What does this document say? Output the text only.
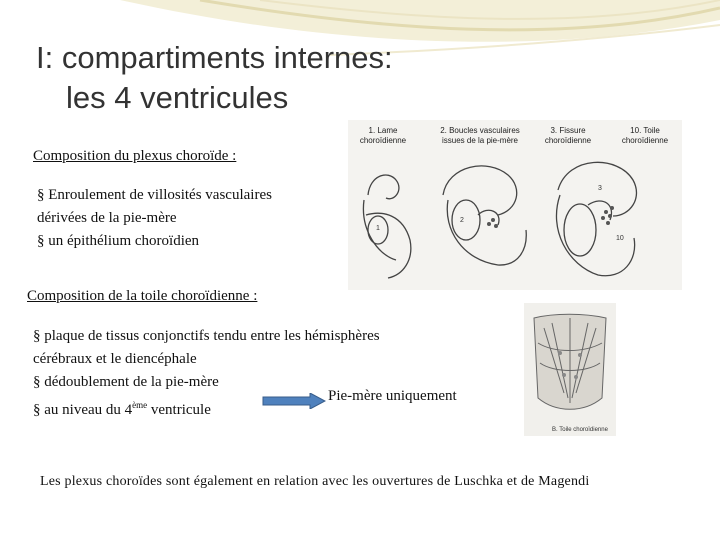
I: compartiments internes:
les 4 ventricules
Composition du plexus choroïde :

§ Enroulement de villosités vasculaires

dérivées de la pie-mère

§ un épithélium choroïdien

1
2
3
10
1. Lame
choroïdienne
2. Boucles vasculaires
issues de la pie-mère
3. Fissure
choroïdienne
10. Toile
choroïdienne
Composition de la toile choroïdienne :

§ plaque de tissus conjonctifs tendu entre les hémisphères

cérébraux et le diencéphale

§ dédoublement de la pie-mère

§ au niveau du 4ème ventricule

Pie-mère uniquement
B. Toile choroïdienne
Les plexus choroïdes sont également en relation avec les ouvertures de Luschka et de Magendi
